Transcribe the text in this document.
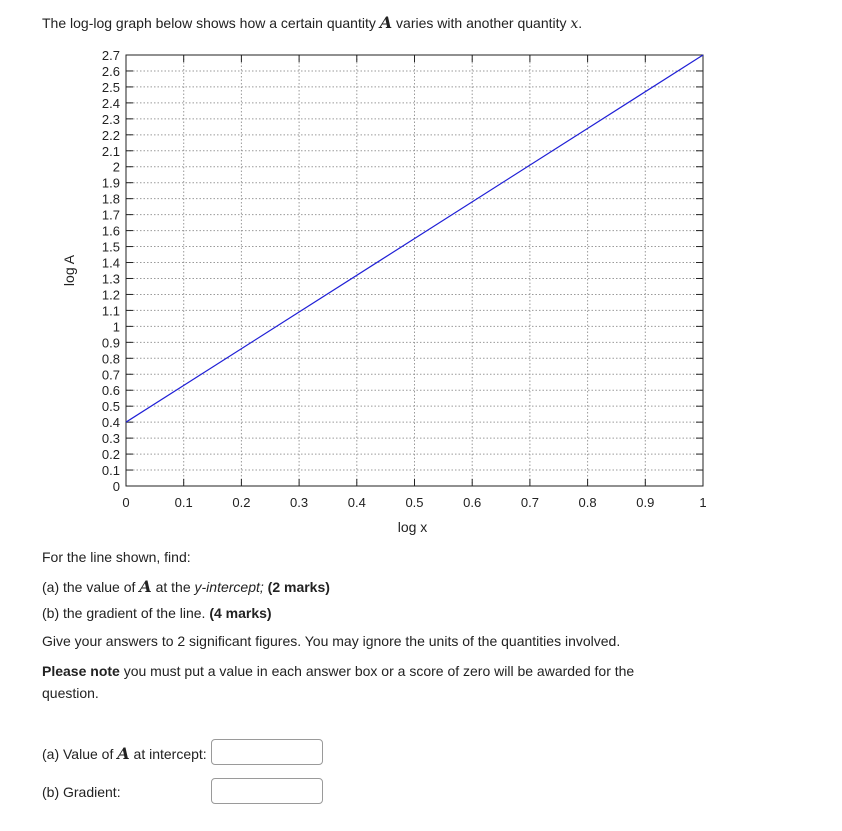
The log-log graph below shows how a certain quantity A varies with another quantity x.
0	0.1	0.2	0.3	0.4	0.5	0.6	0.7	0.8	0.9	1
0
0.1
0.2
0.3
0.4
0.5
0.6
0.7
0.8
0.9
1
1.1
1.2
1.3
1.4
1.5
1.6
1.7
1.8
1.9
2
2.1
2.2
2.3
2.4
2.5
2.6
2.7
log x
log A
For the line shown, find:
(a) the value of A at the y-intercept; (2 marks)
(b) the gradient of the line. (4 marks)
Give your answers to 2 significant figures. You may ignore the units of the quantities involved.
Please note you must put a value in each answer box or a score of zero will be awarded for the question.
(a) Value of A at intercept:
(b) Gradient:
